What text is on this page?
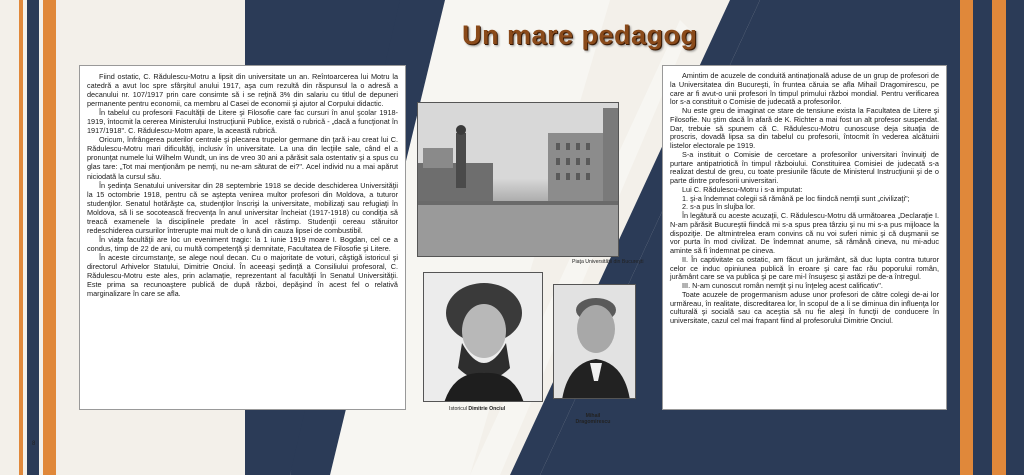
Un mare pedagog

Fiind ostatic, C. Rădulescu-Motru a lipsit din universitate un an. Reîntoarcerea lui Motru la catedră a avut loc spre sfârşitul anului 1917, aşa cum rezultă din răspunsul la o adresă a decanului nr. 107/1917 prin care consimte să i se reţină 3% din salariu cu titlul de depuneri permanente pentru economii, ca membru al Casei de economii şi ajutor al Corpului didactic.

În tabelul cu profesorii Facultăţii de Litere şi Filosofie care fac cursuri în anul şcolar 1918-1919, întocmit la cererea Ministerului Instrucţiunii Publice, există o rubrică - „dacă a funcţionat în 1917/1918". C. Rădulescu-Motm apare, la această rubrică.

Oricum, înfrângerea puterilor centrale şi plecarea trupelor germane din ţară i-au creat lui C. Rădulescu-Motru mari dificultăţi, inclusiv în universitate. La una din lecţiile sale, când el a pronunţat numele lui Wilhelm Wundt, un ins de vreo 30 ani a părăsit sala ostentativ şi a spus cu glas tare: „Tot mai menţionăm pe nemţi, nu ne-am săturat de ei?". Acel individ nu a mai apărut niciodată la cursul său.

În şedinţa Senatului universitar din 28 septembrie 1918 se decide deschiderea Universităţii la 15 octombrie 1918, pentru că se aştepta venirea multor profesori din Moldova, a tuturor studenţilor. Senatul hotărăşte ca, studenţilor înscrişi la universitate, mobilizaţi sau refugiaţi în Moldova, să li se socotească frecvenţa în anul universitar încheiat (1917-1918) cu condiţia să treacă examenele la disciplinele predate în acel răstimp. Studenţii cereau stăruitor redeschiderea cursurilor întrerupte mai mult de o lună din cauza lipsei de combustibil.

În viaţa facultăţii are loc un eveniment tragic: la 1 iunie 1919 moare I. Bogdan, cel ce a condus, timp de 22 de ani, cu multă competenţă şi demnitate, Facultatea de Filosofie şi Litere.

În aceste circumstanţe, se alege noul decan. Cu o majoritate de voturi, câştigă istoricul şi directorul Arhivelor Statului, Dimitrie Onciul. În aceeaşi şedinţă a Consiliului profesoral, C. Rădulescu-Motru este ales, prin aclamaţie, reprezentant al facultăţii în Senatul Universităţii. Este prima sa recunoaştere publică de după război, depăşind în acest fel o relativă marginalizare în care se afla.

Amintim de acuzele de conduită antinaţională aduse de un grup de profesori de la Universitatea din Bucureşti, în fruntea căruia se afla Mihail Dragomirescu, pe care ar fi avut-o unii profesori în timpul primului război mondial. Pentru verificarea lor s-a constituit o Comisie de judecată a profesorilor.

Nu este greu de imaginat ce stare de tensiune exista la Facultatea de Litere şi Filosofie. Nu ştim dacă în afară de K. Richter a mai fost un alt profesor suspendat. Dar, trebuie să spunem că C. Rădulescu-Motru cunoscuse deja situaţia de proscris, dovadă lipsa sa din tabelul cu profesorii, întocmit în vederea alcătuirii listelor electorale pe 1919.

S-a instituit o Comisie de cercetare a profesorilor universitari învinuiţi de purtare antipatriotică în timpul războiului. Constituirea Comisiei de judecată s-a realizat destul de greu, cu toate presiunile făcute de Ministerul Instrucţiunii şi de o parte dintre profesorii universitari.

Lui C. Rădulescu-Motru i s-a imputat:

1. şi-a îndemnat colegii să rămână pe loc fiindcă nemţii sunt „civilizaţi";

2. s-a pus în slujba lor.

În legătură cu aceste acuzaţii, C. Rădulescu-Motru dă următoarea „Declaraţie I. N-am părăsit Bucureştii fiindcă mi s-a spus prea târziu şi nu mi s-a pus mijloace la dispoziţie. De altmintrelea eram convins că nu voi suferi nimic şi că duşmanii se vor purta în mod civilizat. De îndemnat anume, să rămână cineva, nu mi-aduc aminte să fi îndemnat pe cineva.

II. În captivitate ca ostatic, am făcut un jurământ, să duc lupta contra tuturor celor ce induc opiniunea publică în eroare şi care fac rău poporului român, jurământ care se va publica şi pe care mi-l însuşesc şi astăzi pe de-a întregul.

III. N-am cunoscut român nemţit şi nu înţeleg acest calificativ".

Toate acuzele de progermanism aduse unor profesori de către colegi de-ai lor urmăreau, în realitate, discreditarea lor, în scopul de a li se diminua din influenţa lor culturală şi socială sau ca aceştia să nu fie aleşi în funcţii de conducere în universitate, cazul cel mai frapant fiind al profesorului Dimitrie Onciul.

Piaţa Universităţii din Bucureşti
Istoricul Dimitrie Onciul
Mihail
Dragomirescu
8
